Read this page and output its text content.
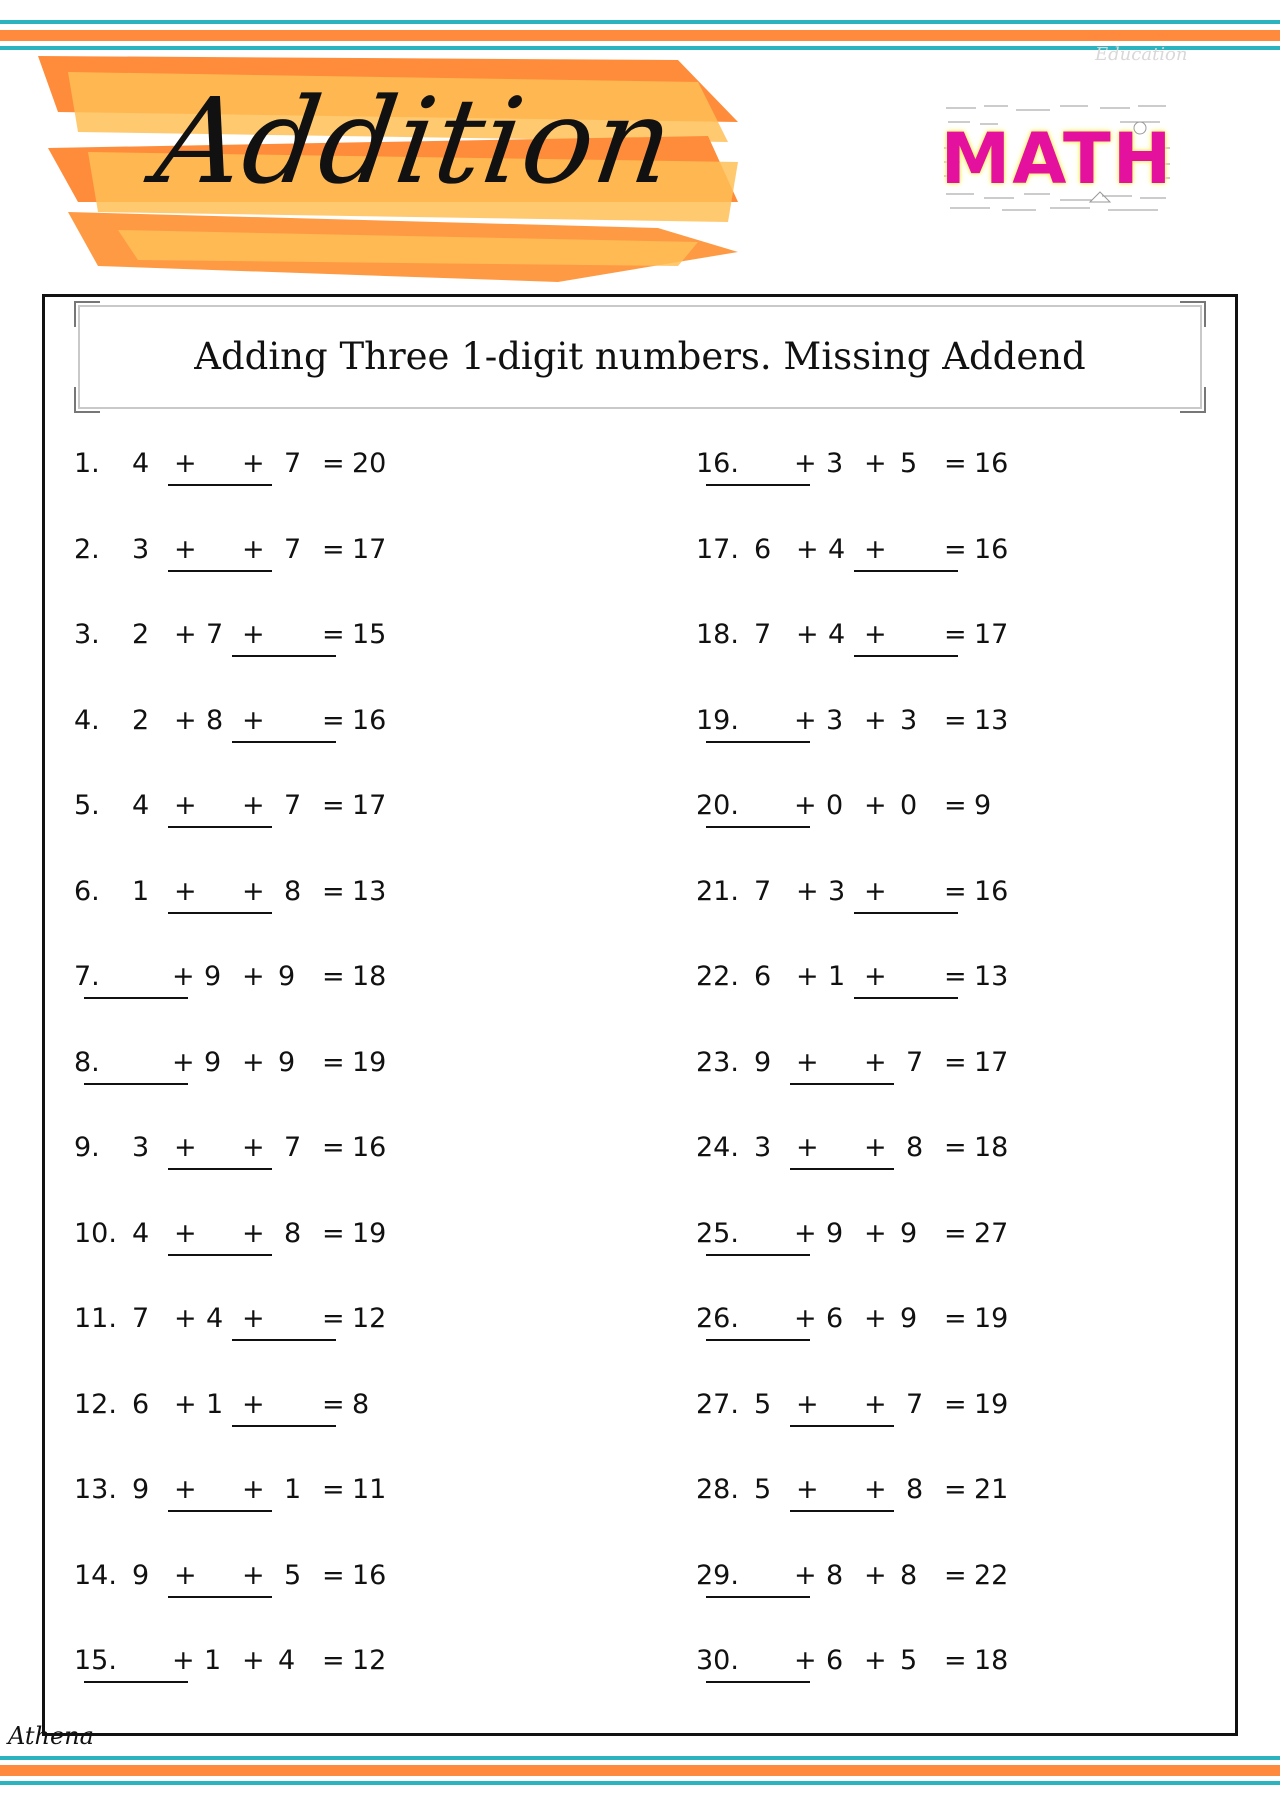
Education
Addition	MATH
Adding Three 1-digit numbers. Missing Addend
1. 4 + + 7 = 20
2. 3 + + 7 = 17
3. 2 + 7 + = 15
4. 2 + 8 + = 16
5. 4 + + 7 = 17
6. 1 + + 8 = 13
7.	+ 9 + 9 = 18
8.	+ 9 + 9 = 19
9. 3 + + 7 = 16
10. 4 + + 8 = 19
11. 7 + 4 + = 12
12. 6 + 1 + = 8
13. 9 + + 1 = 11
14. 9 + + 5 = 16
15. + 1 + 4 = 12
16. + 3 + 5 = 16
17. 6 + 4 + = 16
18. 7 + 4 + = 17
19. + 3 + 3 = 13
20. + 0 + 0 = 9
21. 7 + 3 + = 16
22. 6 + 1 + = 13
23. 9 + + 7 = 17
24. 3 + + 8 = 18
25. + 9 + 9 = 27
26. + 6 + 9 = 19
27. 5 + + 7 = 19
28. 5 + + 8 = 21
29. + 8 + 8 = 22
30. + 6 + 5 = 18
Athena
